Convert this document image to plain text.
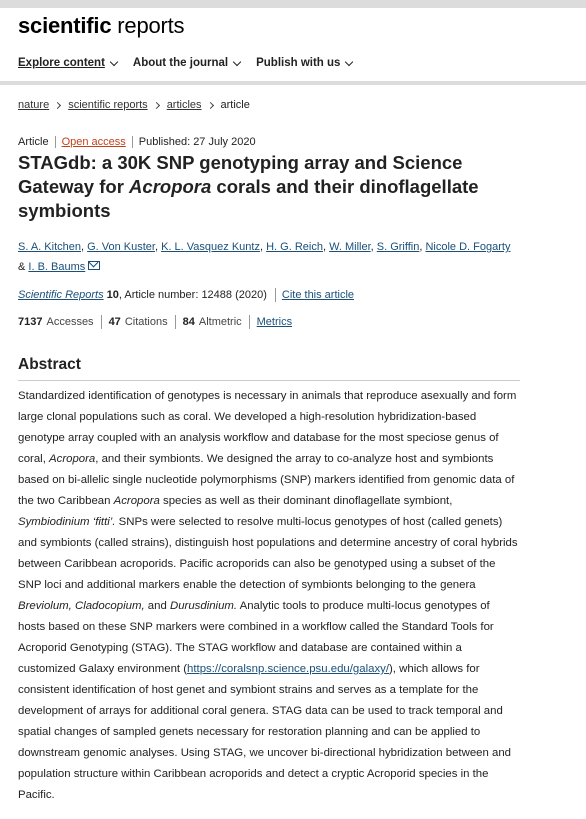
scientific reports
Explore content About the journal Publish with us
nature scientific reports articles article
Article Open access Published: 27 July 2020
STAGdb: a 30K SNP genotyping array and Science Gateway for Acropora corals and their dinoflagellate symbionts
S. A. Kitchen, G. Von Kuster, K. L. Vasquez Kuntz, H. G. Reich, W. Miller, S. Griffin, Nicole D. Fogarty & I. B. Baums
Scientific Reports
10 , Article number: 12488 (2020) Cite this article
7137 Accesses 47 Citations 84 Altmetric Metrics
Abstract

Standardized identification of genotypes is necessary in animals that reproduce asexually and form large clonal populations such as coral. We developed a high-resolution hybridization-based genotype array coupled with an analysis workflow and database for the most speciose genus of coral, Acropora, and their symbionts. We designed the array to co-analyze host and symbionts based on bi-allelic single nucleotide polymorphisms (SNP) markers identified from genomic data of the two Caribbean Acropora species as well as their dominant dinoflagellate symbiont, Symbiodinium ‘fitti’. SNPs were selected to resolve multi-locus genotypes of host (called genets) and symbionts (called strains), distinguish host populations and determine ancestry of coral hybrids between Caribbean acroporids. Pacific acroporids can also be genotyped using a subset of the SNP loci and additional markers enable the detection of symbionts belonging to the genera Breviolum, Cladocopium, and Durusdinium. Analytic tools to produce multi-locus genotypes of hosts based on these SNP markers were combined in a workflow called the Standard Tools for Acroporid Genotyping (STAG). The STAG workflow and database are contained within a customized Galaxy environment (https://coralsnp.science.psu.edu/galaxy/), which allows for consistent identification of host genet and symbiont strains and serves as a template for the development of arrays for additional coral genera. STAG data can be used to track temporal and spatial changes of sampled genets necessary for restoration planning and can be applied to downstream genomic analyses. Using STAG, we uncover bi-directional hybridization between and population structure within Caribbean acroporids and detect a cryptic Acroporid species in the Pacific.
